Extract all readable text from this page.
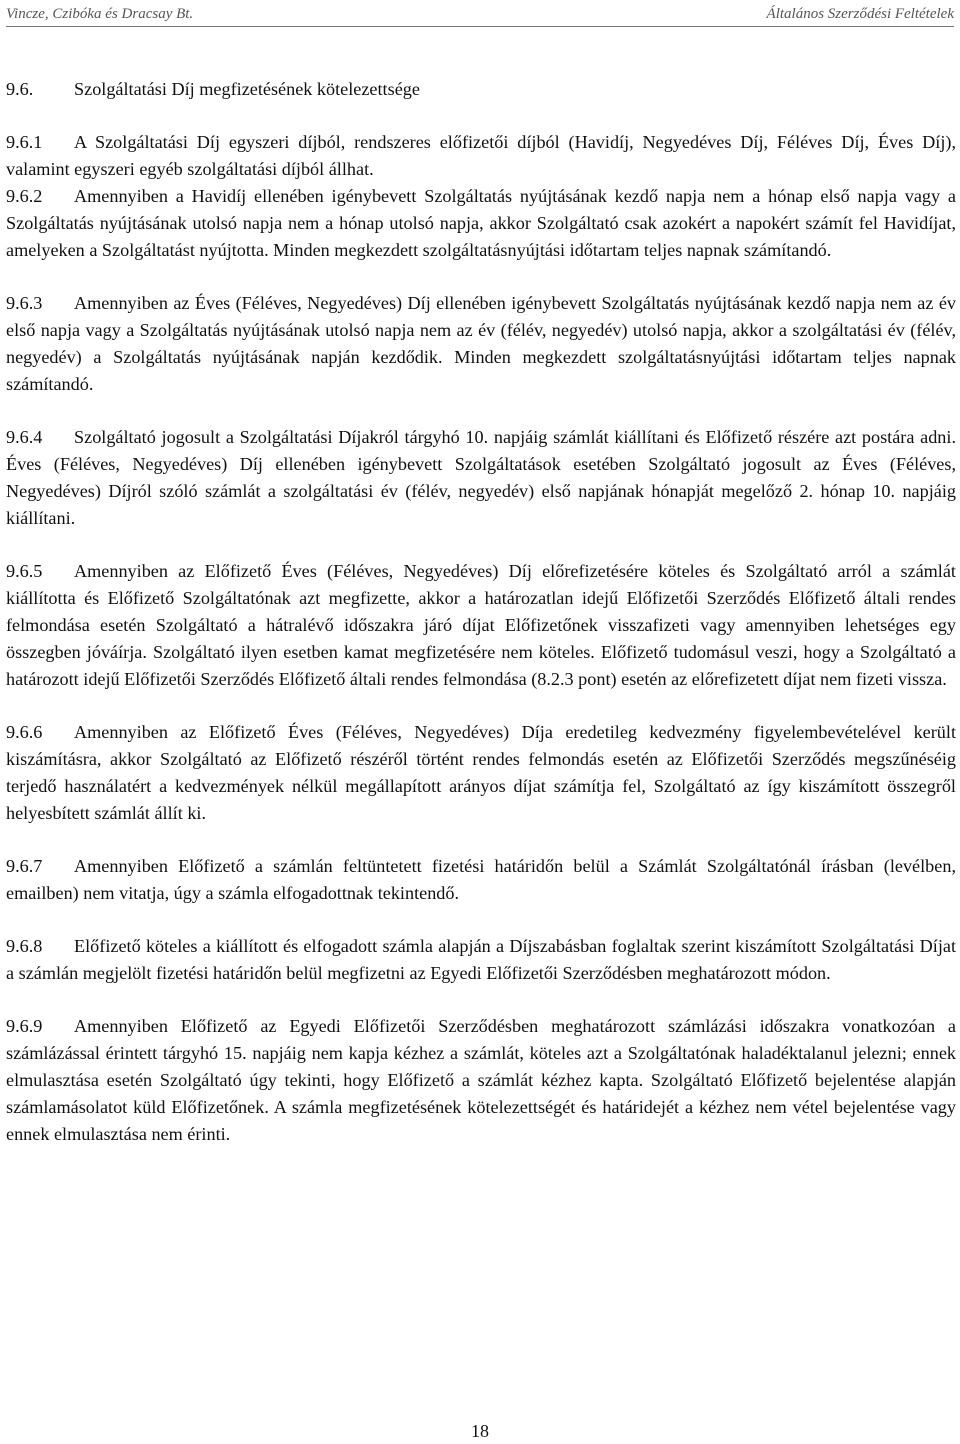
Vincze, Czibóka és Dracsay Bt.	Általános Szerződési Feltételek
9.6. Szolgáltatási Díj megfizetésének kötelezettsége

9.6.1 A Szolgáltatási Díj egyszeri díjból, rendszeres előfizetői díjból (Havidíj, Negyedéves Díj, Féléves Díj, Éves Díj), valamint egyszeri egyéb szolgáltatási díjból állhat.

9.6.2 Amennyiben a Havidíj ellenében igénybevett Szolgáltatás nyújtásának kezdő napja nem a hónap első napja vagy a Szolgáltatás nyújtásának utolsó napja nem a hónap utolsó napja, akkor Szolgáltató csak azokért a napokért számít fel Havidíjat, amelyeken a Szolgáltatást nyújtotta. Minden megkezdett szolgáltatásnyújtási időtartam teljes napnak számítandó.

9.6.3 Amennyiben az Éves (Féléves, Negyedéves) Díj ellenében igénybevett Szolgáltatás nyújtásának kezdő napja nem az év első napja vagy a Szolgáltatás nyújtásának utolsó napja nem az év (félév, negyedév) utolsó napja, akkor a szolgáltatási év (félév, negyedév) a Szolgáltatás nyújtásának napján kezdődik. Minden megkezdett szolgáltatásnyújtási időtartam teljes napnak számítandó.

9.6.4 Szolgáltató jogosult a Szolgáltatási Díjakról tárgyhó 10. napjáig számlát kiállítani és Előfizető részére azt postára adni. Éves (Féléves, Negyedéves) Díj ellenében igénybevett Szolgáltatások esetében Szolgáltató jogosult az Éves (Féléves, Negyedéves) Díjról szóló számlát a szolgáltatási év (félév, negyedév) első napjának hónapját megelőző 2. hónap 10. napjáig kiállítani.

9.6.5 Amennyiben az Előfizető Éves (Féléves, Negyedéves) Díj előrefizetésére köteles és Szolgáltató arról a számlát kiállította és Előfizető Szolgáltatónak azt megfizette, akkor a határozatlan idejű Előfizetői Szerződés Előfizető általi rendes felmondása esetén Szolgáltató a hátralévő időszakra járó díjat Előfizetőnek visszafizeti vagy amennyiben lehetséges egy összegben jóváírja. Szolgáltató ilyen esetben kamat megfizetésére nem köteles. Előfizető tudomásul veszi, hogy a Szolgáltató a határozott idejű Előfizetői Szerződés Előfizető általi rendes felmondása (8.2.3 pont) esetén az előrefizetett díjat nem fizeti vissza.

9.6.6 Amennyiben az Előfizető Éves (Féléves, Negyedéves) Díja eredetileg kedvezmény figyelembevételével került kiszámításra, akkor Szolgáltató az Előfizető részéről történt rendes felmondás esetén az Előfizetői Szerződés megszűnéséig terjedő használatért a kedvezmények nélkül megállapított arányos díjat számítja fel, Szolgáltató az így kiszámított összegről helyesbített számlát állít ki.

9.6.7 Amennyiben Előfizető a számlán feltüntetett fizetési határidőn belül a Számlát Szolgáltatónál írásban (levélben, emailben) nem vitatja, úgy a számla elfogadottnak tekintendő.

9.6.8 Előfizető köteles a kiállított és elfogadott számla alapján a Díjszabásban foglaltak szerint kiszámított Szolgáltatási Díjat a számlán megjelölt fizetési határidőn belül megfizetni az Egyedi Előfizetői Szerződésben meghatározott módon.

9.6.9 Amennyiben Előfizető az Egyedi Előfizetői Szerződésben meghatározott számlázási időszakra vonatkozóan a számlázással érintett tárgyhó 15. napjáig nem kapja kézhez a számlát, köteles azt a Szolgáltatónak haladéktalanul jelezni; ennek elmulasztása esetén Szolgáltató úgy tekinti, hogy Előfizető a számlát kézhez kapta. Szolgáltató Előfizető bejelentése alapján számlamásolatot küld Előfizetőnek. A számla megfizetésének kötelezettségét és határidejét a kézhez nem vétel bejelentése vagy ennek elmulasztása nem érinti.

18
